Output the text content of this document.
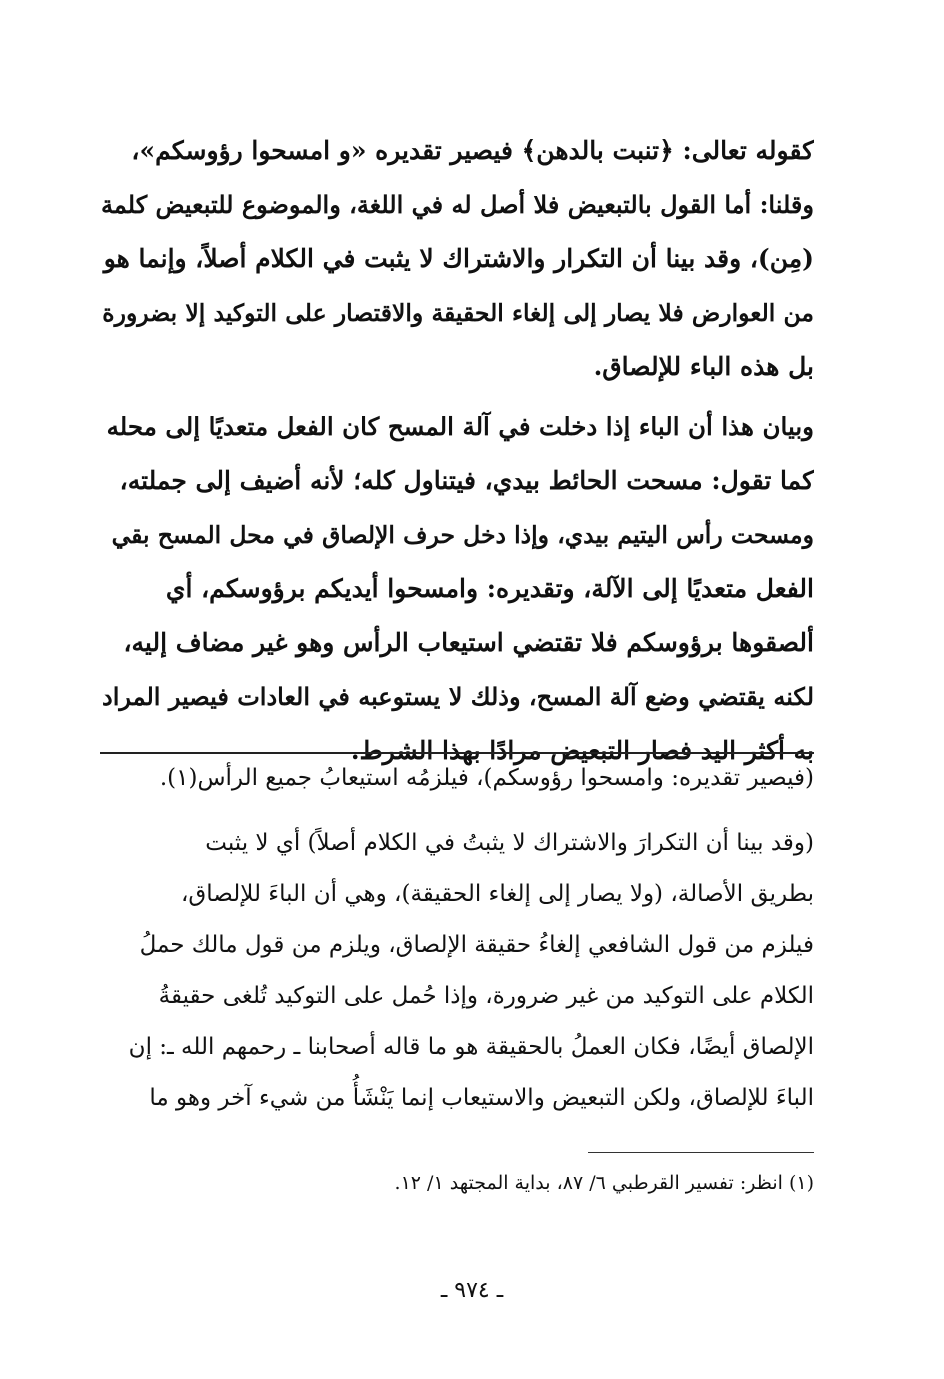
كقوله تعالى: ﴿تنبت بالدهن﴾ فيصير تقديره «و امسحوا رؤوسكم»،
وقلنا: أما القول بالتبعيض فلا أصل له في اللغة، والموضوع للتبعيض كلمة
(مِن)، وقد بينا أن التكرار والاشتراك لا يثبت في الكلام أصلاً، وإنما هو
من العوارض فلا يصار إلى إلغاء الحقيقة والاقتصار على التوكيد إلا بضرورة
بل هذه الباء للإلصاق.
وبيان هذا أن الباء إذا دخلت في آلة المسح كان الفعل متعديًا إلى محله
كما تقول: مسحت الحائط بيدي، فيتناول كله؛ لأنه أضيف إلى جملته،
ومسحت رأس اليتيم بيدي، وإذا دخل حرف الإلصاق في محل المسح بقي
الفعل متعديًا إلى الآلة، وتقديره: وامسحوا أيديكم برؤوسكم، أي
ألصقوها برؤوسكم فلا تقتضي استيعاب الرأس وهو غير مضاف إليه،
لكنه يقتضي وضع آلة المسح، وذلك لا يستوعبه في العادات فيصير المراد
به أكثر اليد فصار التبعيض مرادًا بهذا الشرط.
(فيصير تقديره: وامسحوا رؤوسكم)، فيلزمُه استيعابُ جميع الرأس(١).
(وقد بينا أن التكرارَ والاشتراك لا يثبتُ في الكلام أصلاً) أي لا يثبت
بطريق الأصالة، (ولا يصار إلى إلغاء الحقيقة)، وهي أن الباءَ للإلصاق،
فيلزم من قول الشافعي إلغاءُ حقيقة الإلصاق، ويلزم من قول مالك حملُ
الكلام على التوكيد من غير ضرورة، وإذا حُمل على التوكيد تُلغى حقيقةُ
الإلصاق أيضًا، فكان العملُ بالحقيقة هو ما قاله أصحابنا ـ رحمهم الله ـ: إن
الباءَ للإلصاق، ولكن التبعيض والاستيعاب إنما يَنْشَأُ من شيء آخر وهو ما
(١) انظر: تفسير القرطبي ٦/ ٨٧، بداية المجتهد ١/ ١٢.
ـ ٩٧٤ ـ
